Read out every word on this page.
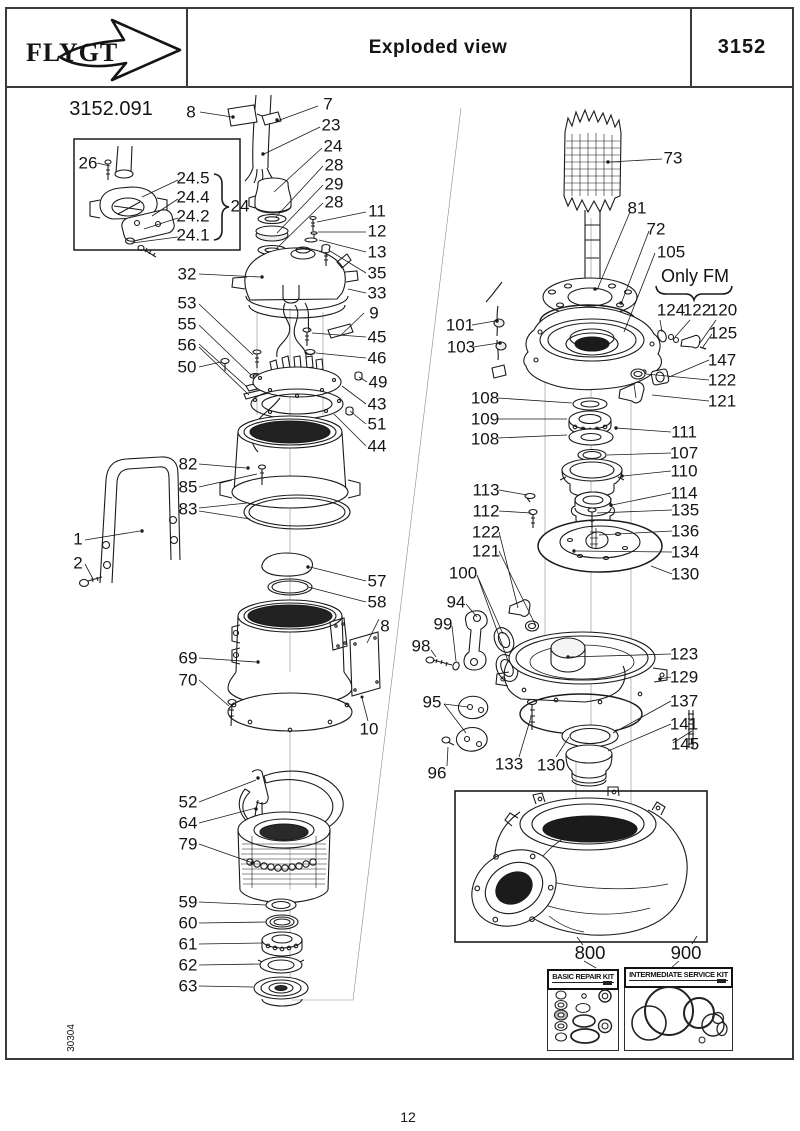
FLYGT	Exploded view	3152
BASIC REPAIR KIT	INTERMEDIATE SERVICE KIT
3152.091 8	7
23
24
28
29
28
26
24.5
24.4
24.2
24.1
24	11
12
13
35
32
33
9
53
55
56
50
45
46
49
43
51
44
82
85
83
1
2
57
58
8
69
70
10
52
64
79
59
60
61
62
63
30304
73
81
72
105
Only FM
124
122
120
125
101
103
147
122
121
108
109
108	111
107
110
113
112
114
135
122	136
121	134
130
100
94
99
98	123
129
95	137
141
145
133 130
96
800	900
12
